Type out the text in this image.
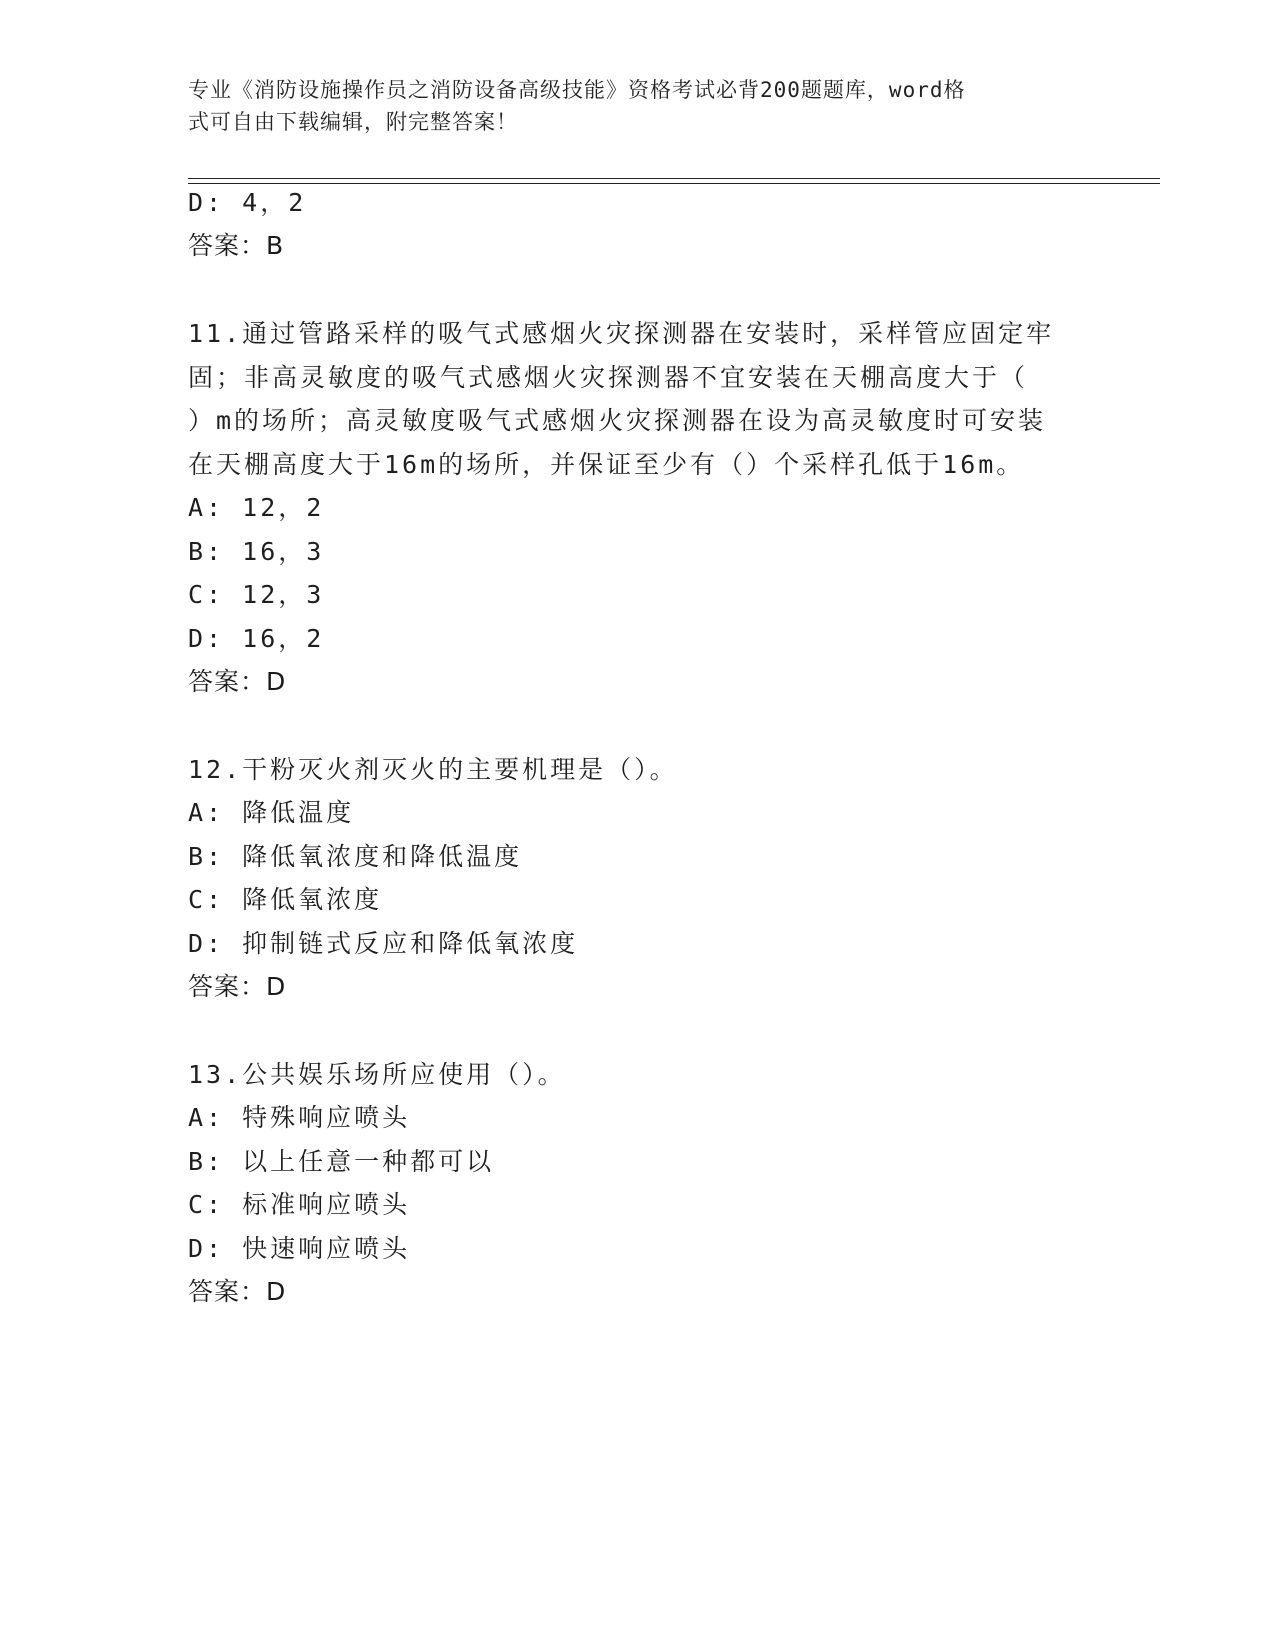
专业《消防设施操作员之消防设备高级技能》资格考试必背200题题库，word格
式可自由下载编辑，附完整答案！
D: 4，2
答案：B
11.通过管路采样的吸气式感烟火灾探测器在安装时，采样管应固定牢
固；非高灵敏度的吸气式感烟火灾探测器不宜安装在天棚高度大于（
）m的场所；高灵敏度吸气式感烟火灾探测器在设为高灵敏度时可安装
在天棚高度大于16m的场所，并保证至少有（）个采样孔低于16m。
A: 12，2
B: 16，3
C: 12，3
D: 16，2
答案：D
12.干粉灭火剂灭火的主要机理是（）。
A: 降低温度
B: 降低氧浓度和降低温度
C: 降低氧浓度
D: 抑制链式反应和降低氧浓度
答案：D
13.公共娱乐场所应使用（）。
A: 特殊响应喷头
B: 以上任意一种都可以
C: 标准响应喷头
D: 快速响应喷头
答案：D
